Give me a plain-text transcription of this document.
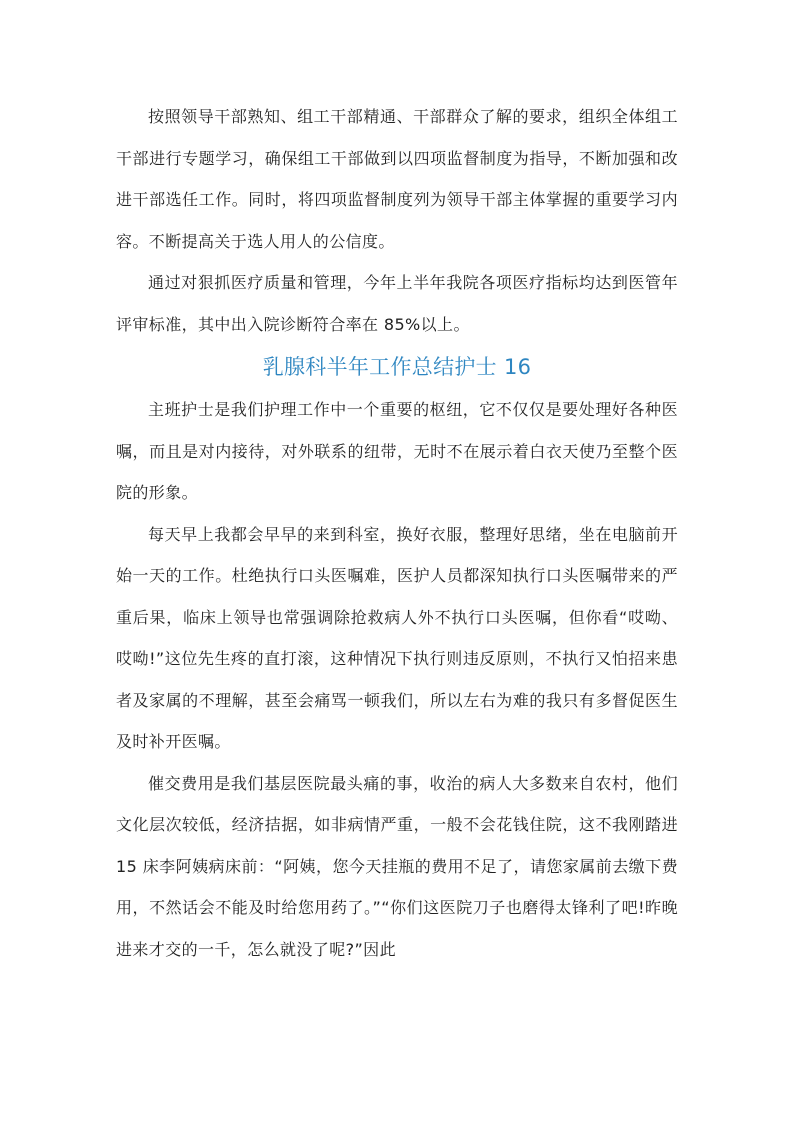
按照领导干部熟知、组工干部精通、干部群众了解的要求，组织全体组工干部进行专题学习，确保组工干部做到以四项监督制度为指导，不断加强和改进干部选任工作。同时，将四项监督制度列为领导干部主体掌握的重要学习内容。不断提高关于选人用人的公信度。

通过对狠抓医疗质量和管理，今年上半年我院各项医疗指标均达到医管年评审标准，其中出入院诊断符合率在 85%以上。

乳腺科半年工作总结护士 16

主班护士是我们护理工作中一个重要的枢纽，它不仅仅是要处理好各种医嘱，而且是对内接待，对外联系的纽带，无时不在展示着白衣天使乃至整个医院的形象。

每天早上我都会早早的来到科室，换好衣服，整理好思绪，坐在电脑前开始一天的工作。杜绝执行口头医嘱难，医护人员都深知执行口头医嘱带来的严重后果，临床上领导也常强调除抢救病人外不执行口头医嘱，但你看“哎呦、哎呦!”这位先生疼的直打滚，这种情况下执行则违反原则，不执行又怕招来患者及家属的不理解，甚至会痛骂一顿我们，所以左右为难的我只有多督促医生及时补开医嘱。

催交费用是我们基层医院最头痛的事，收治的病人大多数来自农村，他们文化层次较低，经济拮据，如非病情严重，一般不会花钱住院，这不我刚踏进 15 床李阿姨病床前：“阿姨，您今天挂瓶的费用不足了，请您家属前去缴下费用，不然话会不能及时给您用药了。”“你们这医院刀子也磨得太锋利了吧!昨晚进来才交的一千，怎么就没了呢?”因此
